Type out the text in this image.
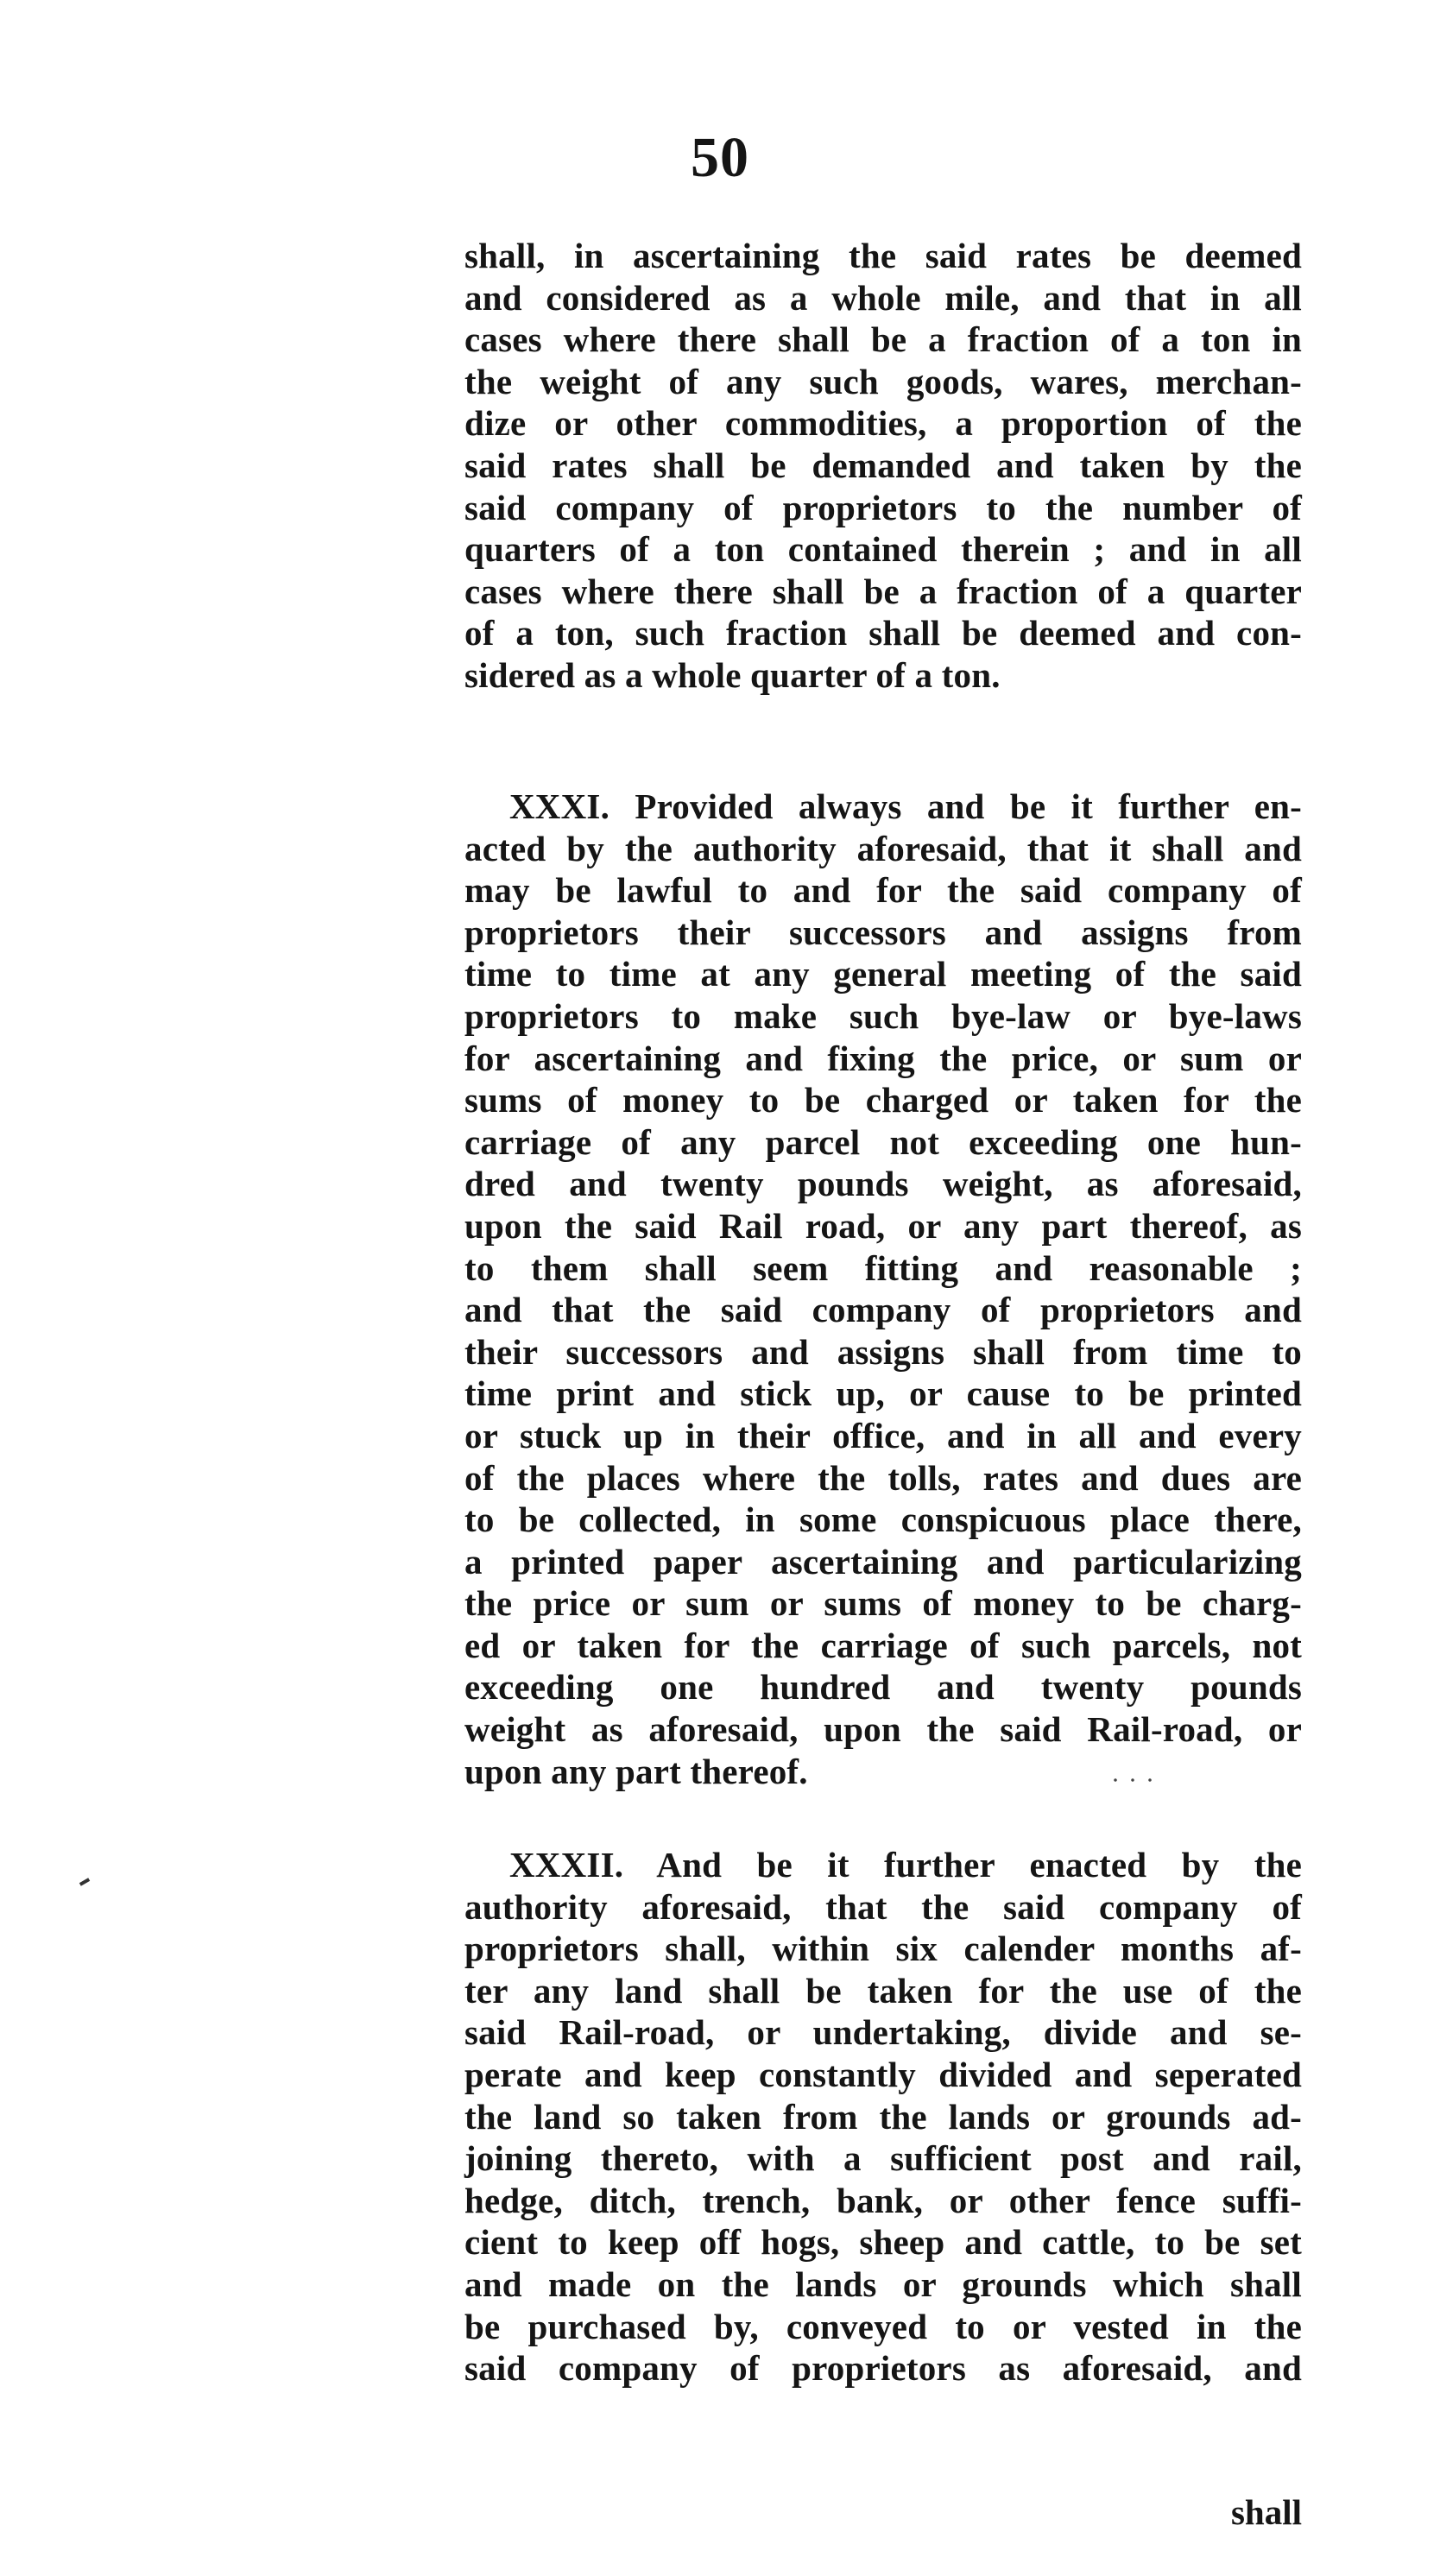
50
shall, in ascertaining the said rates be deemed
and considered as a whole mile, and that in all
cases where there shall be a fraction of a ton in
the weight of any such goods, wares, merchan-
dize or other commodities, a proportion of the
said rates shall be demanded and taken by the
said company of proprietors to the number of
quarters of a ton contained therein ; and in all
cases where there shall be a fraction of a quarter
of a ton, such fraction shall be deemed and con-
sidered as a whole quarter of a ton.
XXXI. Provided always and be it further en-
acted by the authority aforesaid, that it shall and
may be lawful to and for the said company of
proprietors their successors and assigns from
time to time at any general meeting of the said
proprietors to make such bye-law or bye-laws
for ascertaining and fixing the price, or sum or
sums of money to be charged or taken for the
carriage of any parcel not exceeding one hun-
dred and twenty pounds weight, as aforesaid,
upon the said Rail road, or any part thereof, as
to them shall seem fitting and reasonable ;
and that the said company of proprietors and
their successors and assigns shall from time to
time print and stick up, or cause to be printed
or stuck up in their office, and in all and every
of the places where the tolls, rates and dues are
to be collected, in some conspicuous place there,
a printed paper ascertaining and particularizing
the price or sum or sums of money to be charg-
ed or taken for the carriage of such parcels, not
exceeding one hundred and twenty pounds
weight as aforesaid, upon the said Rail-road, or
upon any part thereof.
XXXII. And be it further enacted by the
authority aforesaid, that the said company of
proprietors shall, within six calender months af-
ter any land shall be taken for the use of the
said Rail-road, or undertaking, divide and se-
perate and keep constantly divided and seperated
the land so taken from the lands or grounds ad-
joining thereto, with a sufficient post and rail,
hedge, ditch, trench, bank, or other fence suffi-
cient to keep off hogs, sheep and cattle, to be set
and made on the lands or grounds which shall
be purchased by, conveyed to or vested in the
said company of proprietors as aforesaid, and
shall
